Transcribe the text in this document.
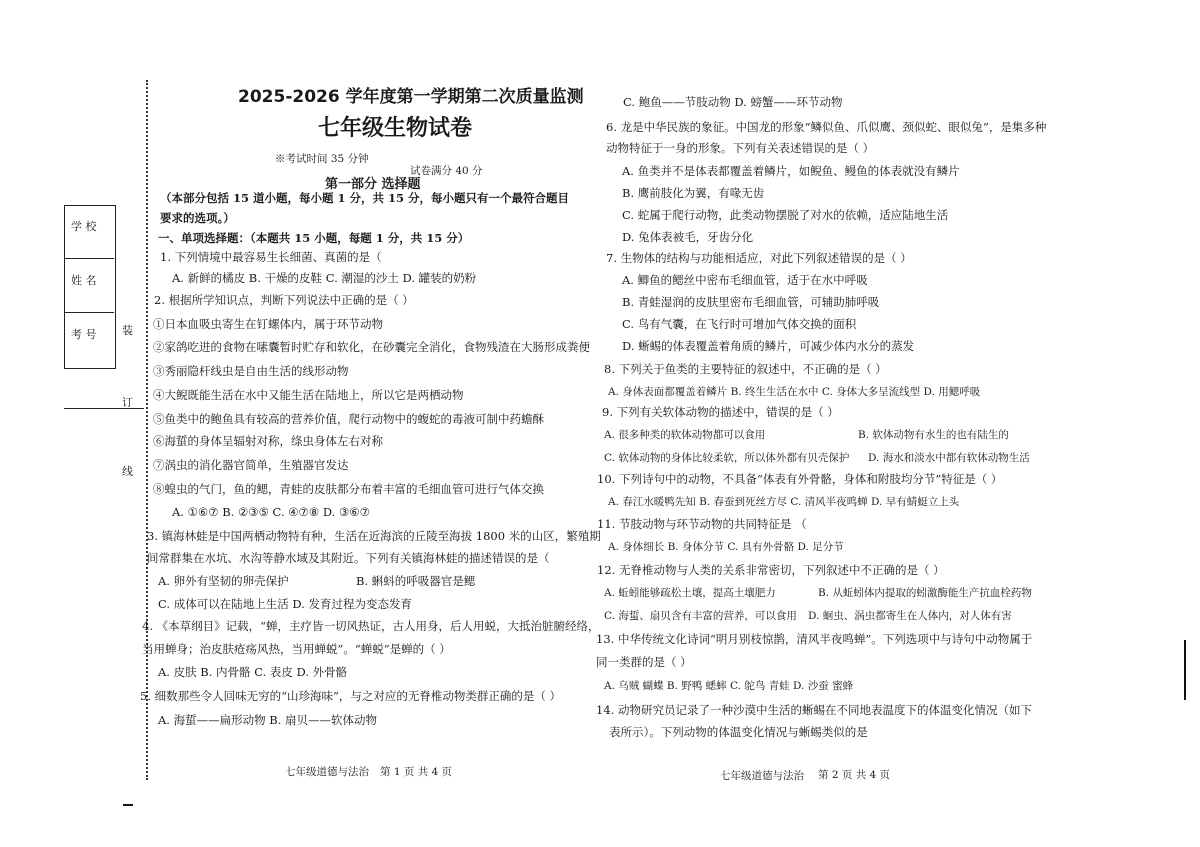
学 校
姓 名
考 号 装
订
线
2025-2026 学年度第一学期第二次质量监测
七年级生物试卷
※考试时间 35 分钟
试卷满分 40 分
第一部分 选择题
（本部分包括 15 道小题，每小题 1 分，共 15 分，每小题只有一个最符合题目
要求的选项。）
一、单项选择题：（本题共 15 小题，每题 1 分，共 15 分）
1. 下列情境中最容易生长细菌、真菌的是（
A. 新鲜的橘皮 B. 干燥的皮鞋 C. 潮湿的沙土 D. 罐装的奶粉
2. 根据所学知识点，判断下列说法中正确的是（ ）
①日本血吸虫寄生在钉螺体内，属于环节动物
②家鸽吃进的食物在嗉囊暂时贮存和软化，在砂囊完全消化，食物残渣在大肠形成粪便
③秀丽隐杆线虫是自由生活的线形动物
④大鲵既能生活在水中又能生活在陆地上，所以它是两栖动物
⑤鱼类中的鲍鱼具有较高的营养价值，爬行动物中的蝮蛇的毒液可制中药蟾酥
⑥海蜇的身体呈辐射对称，绦虫身体左右对称
⑦涡虫的消化器官简单，生殖器官发达
⑧蝗虫的气门，鱼的鳃，青蛙的皮肤都分布着丰富的毛细血管可进行气体交换
A. ①⑥⑦ B. ②③⑤ C. ④⑦⑧ D. ③⑥⑦
3. 镇海林蛙是中国两栖动物特有种，生活在近海滨的丘陵至海拔 1800 米的山区，繁殖期
间常群集在水坑、水沟等静水域及其附近。下列有关镇海林蛙的描述错误的是（
A. 卵外有坚韧的卵壳保护	B. 蝌蚪的呼吸器官是鳃
C. 成体可以在陆地上生活 D. 发育过程为变态发育
4. 《本草纲目》记载，“蝉，主疗皆一切风热证，古人用身，后人用蜕，大抵治脏腑经络，
当用蝉身；治皮肤疮疡风热，当用蝉蜕”。“蝉蜕”是蝉的（ ）
A. 皮肤 B. 内骨骼 C. 表皮 D. 外骨骼
5. 细数那些令人回味无穷的“山珍海味”，与之对应的无脊椎动物类群正确的是（ ）
A. 海蜇——扁形动物 B. 扇贝——软体动物
C. 鲍鱼——节肢动物 D. 螃蟹——环节动物
6. 龙是中华民族的象征。中国龙的形象“鳞似鱼、爪似鹰、颈似蛇、眼似兔”，是集多种
动物特征于一身的形象。下列有关表述错误的是（ ）
A. 鱼类并不是体表都覆盖着鳞片，如鲵鱼、鳗鱼的体表就没有鳞片
B. 鹰前肢化为翼，有喙无齿
C. 蛇属于爬行动物，此类动物摆脱了对水的依赖，适应陆地生活
D. 兔体表被毛，牙齿分化
7. 生物体的结构与功能相适应，对此下列叙述错误的是（ ）
A. 鲫鱼的鳃丝中密布毛细血管，适于在水中呼吸
B. 青蛙湿润的皮肤里密布毛细血管，可辅助肺呼吸
C. 鸟有气囊，在飞行时可增加气体交换的面积
D. 蜥蜴的体表覆盖着角质的鳞片，可减少体内水分的蒸发
8. 下列关于鱼类的主要特征的叙述中，不正确的是（ ）
A. 身体表面都覆盖着鳞片 B. 终生生活在水中 C. 身体大多呈流线型 D. 用鳃呼吸
9. 下列有关软体动物的描述中，错误的是（ ）
A. 很多种类的软体动物都可以食用	B. 软体动物有水生的也有陆生的
C. 软体动物的身体比较柔软，所以体外都有贝壳保护 D. 海水和淡水中都有软体动物生活
10. 下列诗句中的动物，不具备“体表有外骨骼，身体和附肢均分节”特征是（ ）
A. 春江水暖鸭先知 B. 春蚕到死丝方尽 C. 清风半夜鸣蝉 D. 早有蜻蜓立上头
11. 节肢动物与环节动物的共同特征是 （
A. 身体细长 B. 身体分节 C. 具有外骨骼 D. 足分节
12. 无脊椎动物与人类的关系非常密切，下列叙述中不正确的是（ ）
A. 蚯蚓能够疏松土壤，提高土壤肥力	B. 从蚯蚓体内提取的蚓激酶能生产抗血栓药物
C. 海蜇、扇贝含有丰富的营养，可以食用 D. 蛔虫、涡虫都寄生在人体内，对人体有害
13. 中华传统文化诗词“明月别枝惊鹊，清风半夜鸣蝉”。下列选项中与诗句中动物属于
同一类群的是（ ）
A. 乌贼 蝴蝶 B. 野鸭 蟋蟀 C. 鸵鸟 青蛙 D. 沙蚕 蜜蜂
14. 动物研究员记录了一种沙漠中生活的蜥蜴在不同地表温度下的体温变化情况（如下
表所示）。下列动物的体温变化情况与蜥蜴类似的是
七年级道德与法治 第 1 页 共 4 页	七年级道德与法治 第 2 页 共 4 页
